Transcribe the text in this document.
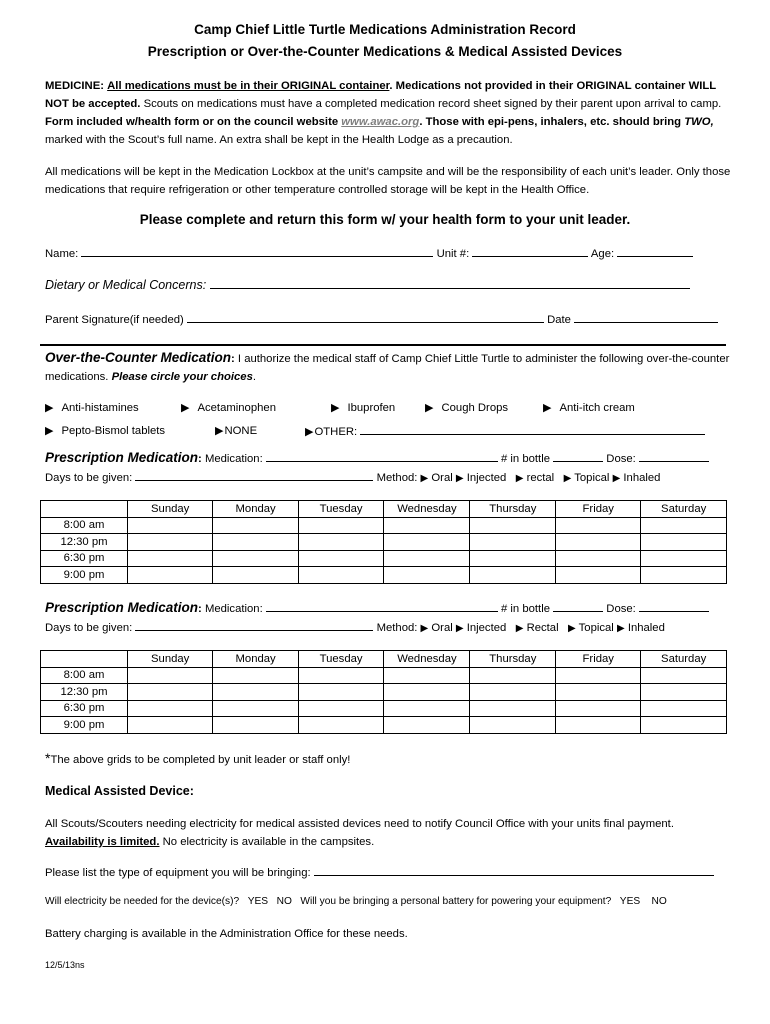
Camp Chief Little Turtle Medications Administration Record
Prescription or Over-the-Counter Medications & Medical Assisted Devices
MEDICINE: All medications must be in their ORIGINAL container. Medications not provided in their ORIGINAL container WILL NOT be accepted. Scouts on medications must have a completed medication record sheet signed by their parent upon arrival to camp. Form included w/health form or on the council website www.awac.org. Those with epi-pens, inhalers, etc. should bring TWO, marked with the Scout’s full name. An extra shall be kept in the Health Lodge as a precaution.
All medications will be kept in the Medication Lockbox at the unit’s campsite and will be the responsibility of each unit’s leader. Only those medications that require refrigeration or other temperature controlled storage will be kept in the Health Office.
Please complete and return this form w/ your health form to your unit leader.
Name:	Unit #:	Age:
Dietary or Medical Concerns:
Parent Signature(if needed)	Date
Over-the-Counter Medication: I authorize the medical staff of Camp Chief Little Turtle to administer the following over-the-counter medications. Please circle your choices.
▶ Anti-histamines	▶ Acetaminophen	▶ Ibuprofen	▶ Cough Drops	▶ Anti-itch cream
▶ Pepto-Bismol tablets	▶NONE	▶OTHER:
Prescription Medication: Medication:	# in bottle	Dose:
Days to be given:	Method: ▶ Oral ▶ Injected ▶ rectal ▶ Topical ▶ Inhaled
	Sunday	Monday	Tuesday	Wednesday	Thursday	Friday	Saturday
8:00 am							
12:30 pm							
6:30 pm							
9:00 pm							
Prescription Medication: Medication:	# in bottle	Dose:
Days to be given:	Method: ▶ Oral ▶ Injected ▶ Rectal ▶ Topical ▶ Inhaled
	Sunday	Monday	Tuesday	Wednesday	Thursday	Friday	Saturday
8:00 am							
12:30 pm							
6:30 pm							
9:00 pm							
*The above grids to be completed by unit leader or staff only!
Medical Assisted Device:
All Scouts/Scouters needing electricity for medical assisted devices need to notify Council Office with your units final payment. Availability is limited. No electricity is available in the campsites.
Please list the type of equipment you will be bringing:
Will electricity be needed for the device(s)? YES NO Will you be bringing a personal battery for powering your equipment? YES NO
Battery charging is available in the Administration Office for these needs.
12/5/13ns
